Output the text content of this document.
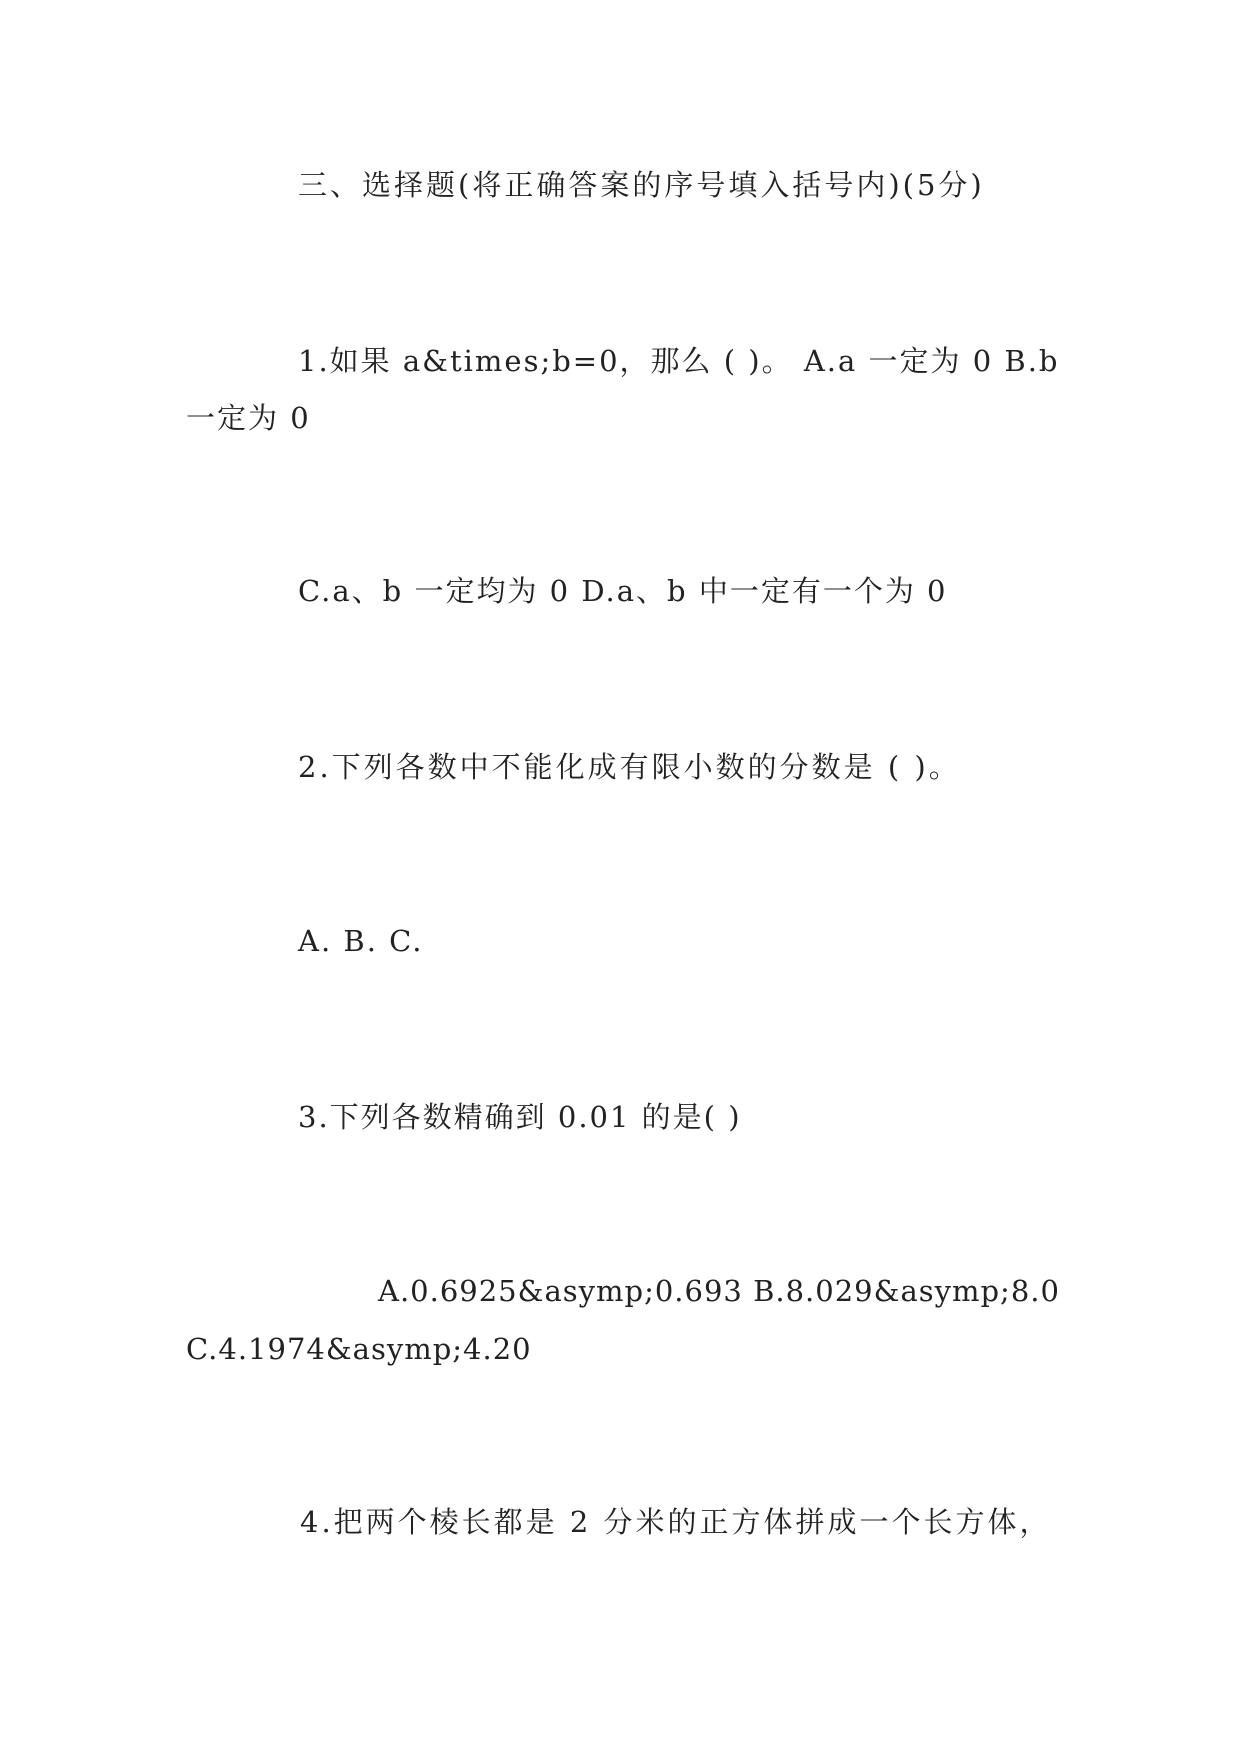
三、选择题(将正确答案的序号填入括号内)(5分)
1.如果 a&times;b=0，那么 ( )。 A.a 一定为 0 B.b
一定为 0
C.a、b 一定均为 0 D.a、b 中一定有一个为 0
2.下列各数中不能化成有限小数的分数是 ( )。
A. B. C.
3.下列各数精确到 0.01 的是( )
A.0.6925&asymp;0.693 B.8.029&asymp;8.0
C.4.1974&asymp;4.20
4.把两个棱长都是 2 分米的正方体拼成一个长方体，
